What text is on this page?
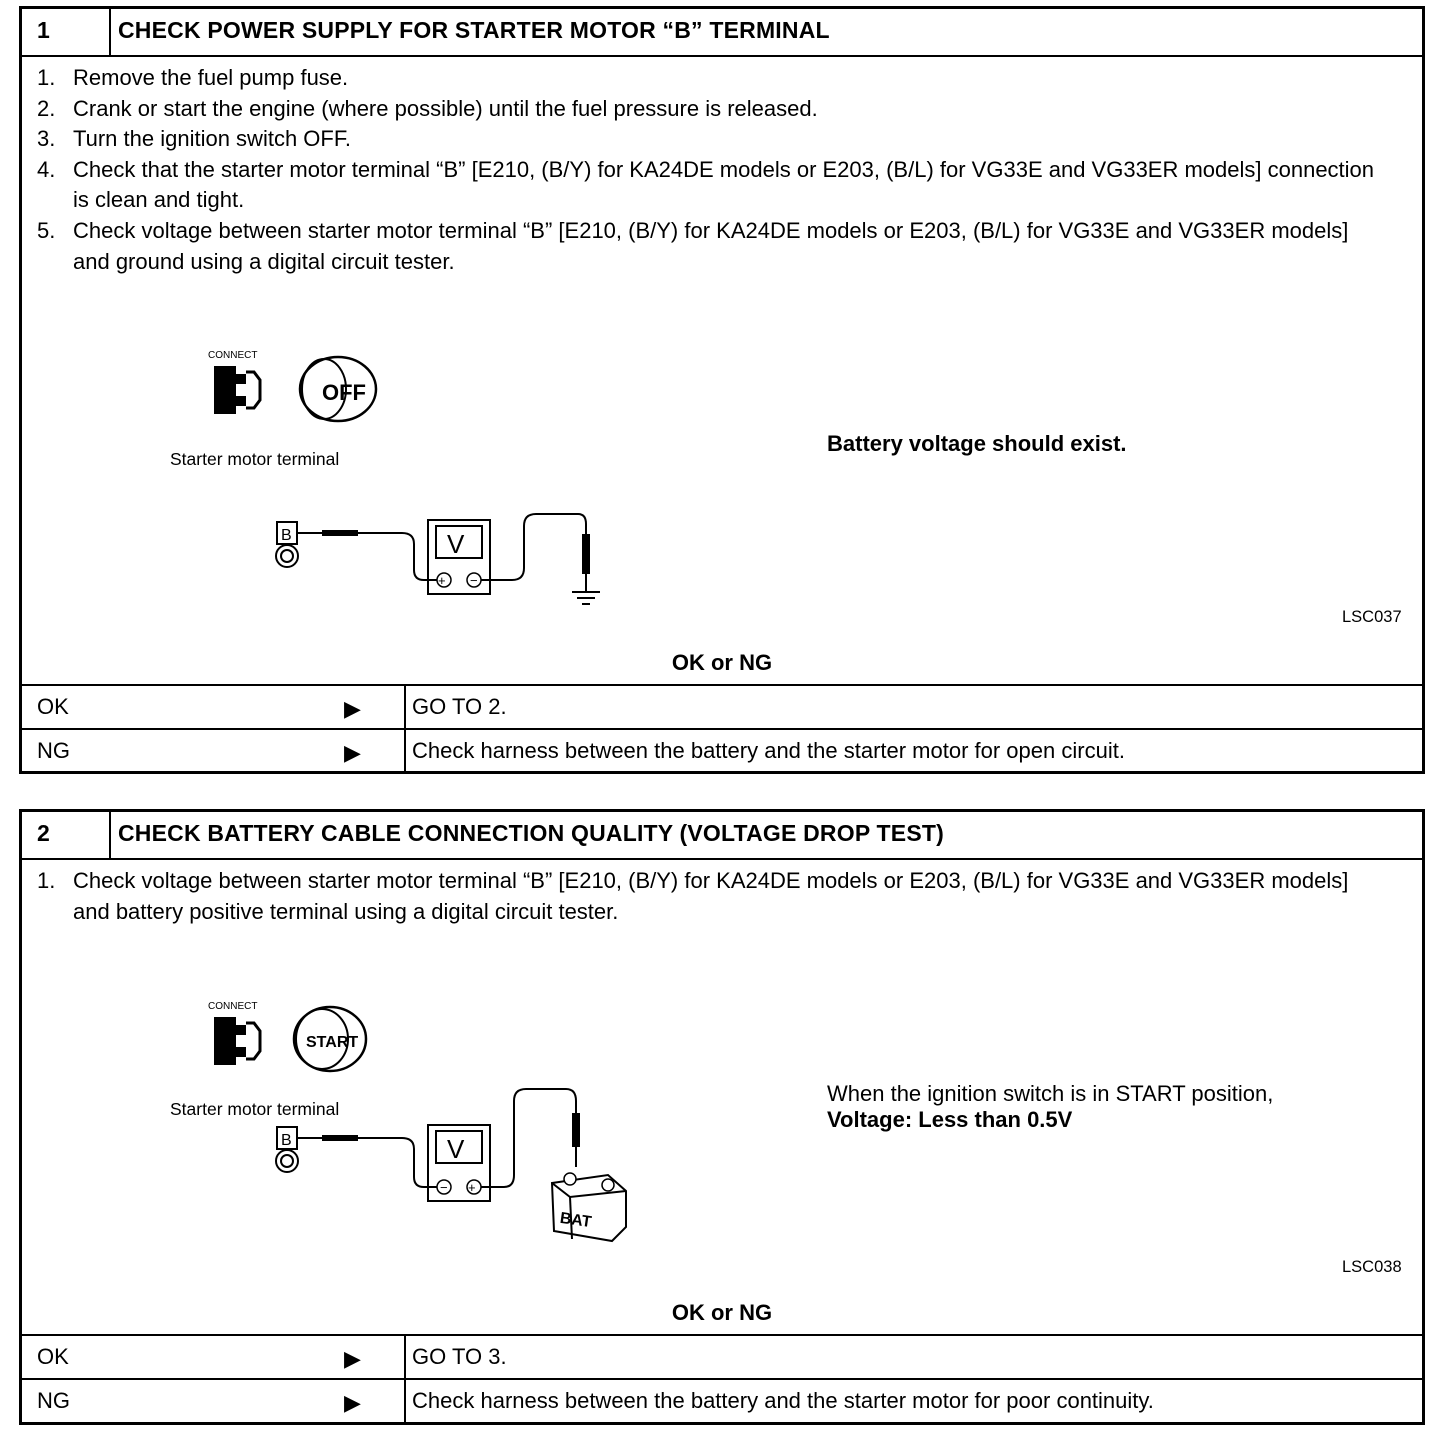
1	CHECK POWER SUPPLY FOR STARTER MOTOR “B” TERMINAL
1. Remove the fuel pump fuse.
2. Crank or start the engine (where possible) until the fuel pressure is released.
3. Turn the ignition switch OFF.
4. Check that the starter motor terminal “B” [E210, (B/Y) for KA24DE models or E203, (B/L) for VG33E and VG33ER models] connection is clean and tight.
5. Check voltage between starter motor terminal “B” [E210, (B/Y) for KA24DE models or E203, (B/L) for VG33E and VG33ER models] and ground using a digital circuit tester.
CONNECT
OFF
B	V
+ −
Starter motor terminal
Battery voltage should exist.
LSC037
OK or NG
OK	▶ GO TO 2.
NG	▶ Check harness between the battery and the starter motor for open circuit.
2	CHECK BATTERY CABLE CONNECTION QUALITY (VOLTAGE DROP TEST)
1. Check voltage between starter motor terminal “B” [E210, (B/Y) for KA24DE models or E203, (B/L) for VG33E and VG33ER models] and battery positive terminal using a digital circuit tester.
CONNECT
START
B	V
− +
BAT
Starter motor terminal
When the ignition switch is in START position,
Voltage: Less than 0.5V
LSC038
OK or NG
OK	▶ GO TO 3.
NG	▶ Check harness between the battery and the starter motor for poor continuity.
